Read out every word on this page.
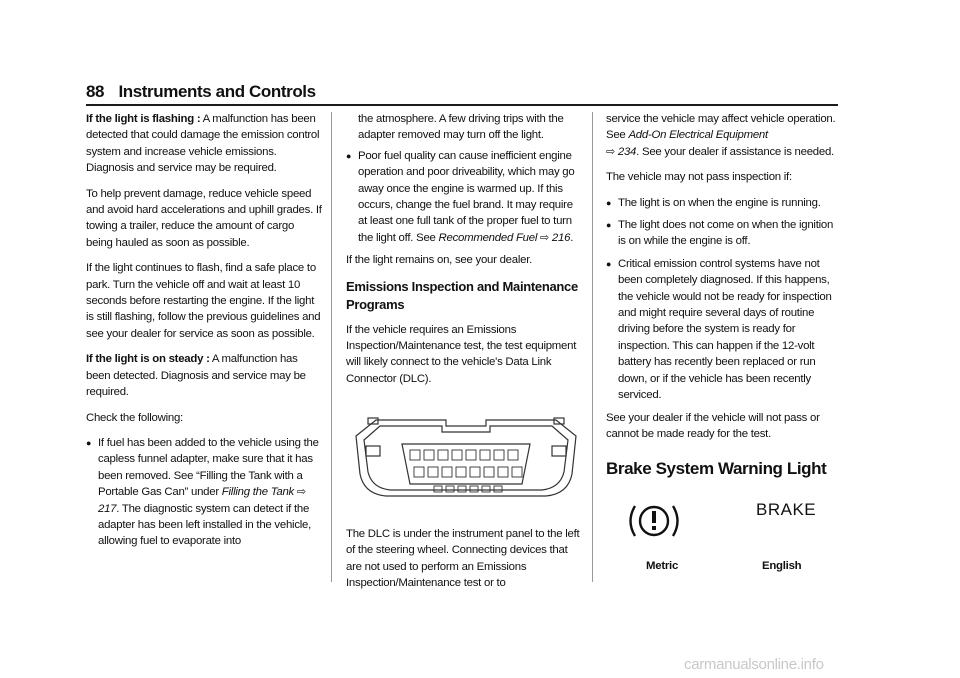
88 Instruments and Controls

If the light is flashing : A malfunction has been detected that could damage the emission control system and increase vehicle emissions. Diagnosis and service may be required.

To help prevent damage, reduce vehicle speed and avoid hard accelerations and uphill grades. If towing a trailer, reduce the amount of cargo being hauled as soon as possible.

If the light continues to flash, find a safe place to park. Turn the vehicle off and wait at least 10 seconds before restarting the engine. If the light is still flashing, follow the previous guidelines and see your dealer for service as soon as possible.

If the light is on steady : A malfunction has been detected. Diagnosis and service may be required.

Check the following:

● If fuel has been added to the vehicle using the capless funnel adapter, make sure that it has been removed. See “Filling the Tank with a Portable Gas Can” under Filling the Tank ⇨ 217. The diagnostic system can detect if the adapter has been left installed in the vehicle, allowing fuel to evaporate into
the atmosphere. A few driving trips with the adapter removed may turn off the light.
● Poor fuel quality can cause inefficient engine operation and poor driveability, which may go away once the engine is warmed up. If this occurs, change the fuel brand. It may require at least one full tank of the proper fuel to turn the light off. See Recommended Fuel ⇨ 216.

If the light remains on, see your dealer.

Emissions Inspection and Maintenance Programs

If the vehicle requires an Emissions Inspection/Maintenance test, the test equipment will likely connect to the vehicle's Data Link Connector (DLC).

The DLC is under the instrument panel to the left of the steering wheel. Connecting devices that are not used to perform an Emissions Inspection/Maintenance test or to

service the vehicle may affect vehicle operation. See Add-On Electrical Equipment
⇨ 234. See your dealer if assistance is needed.

The vehicle may not pass inspection if:

● The light is on when the engine is running.
● The light does not come on when the ignition is on while the engine is off.
● Critical emission control systems have not been completely diagnosed. If this happens, the vehicle would not be ready for inspection and might require several days of routine driving before the system is ready for inspection. This can happen if the 12-volt battery has recently been replaced or run down, or if the vehicle has been recently serviced.

See your dealer if the vehicle will not pass or cannot be made ready for the test.

Brake System Warning Light
BRAKE
Metric	English
carmanualsonline.info
